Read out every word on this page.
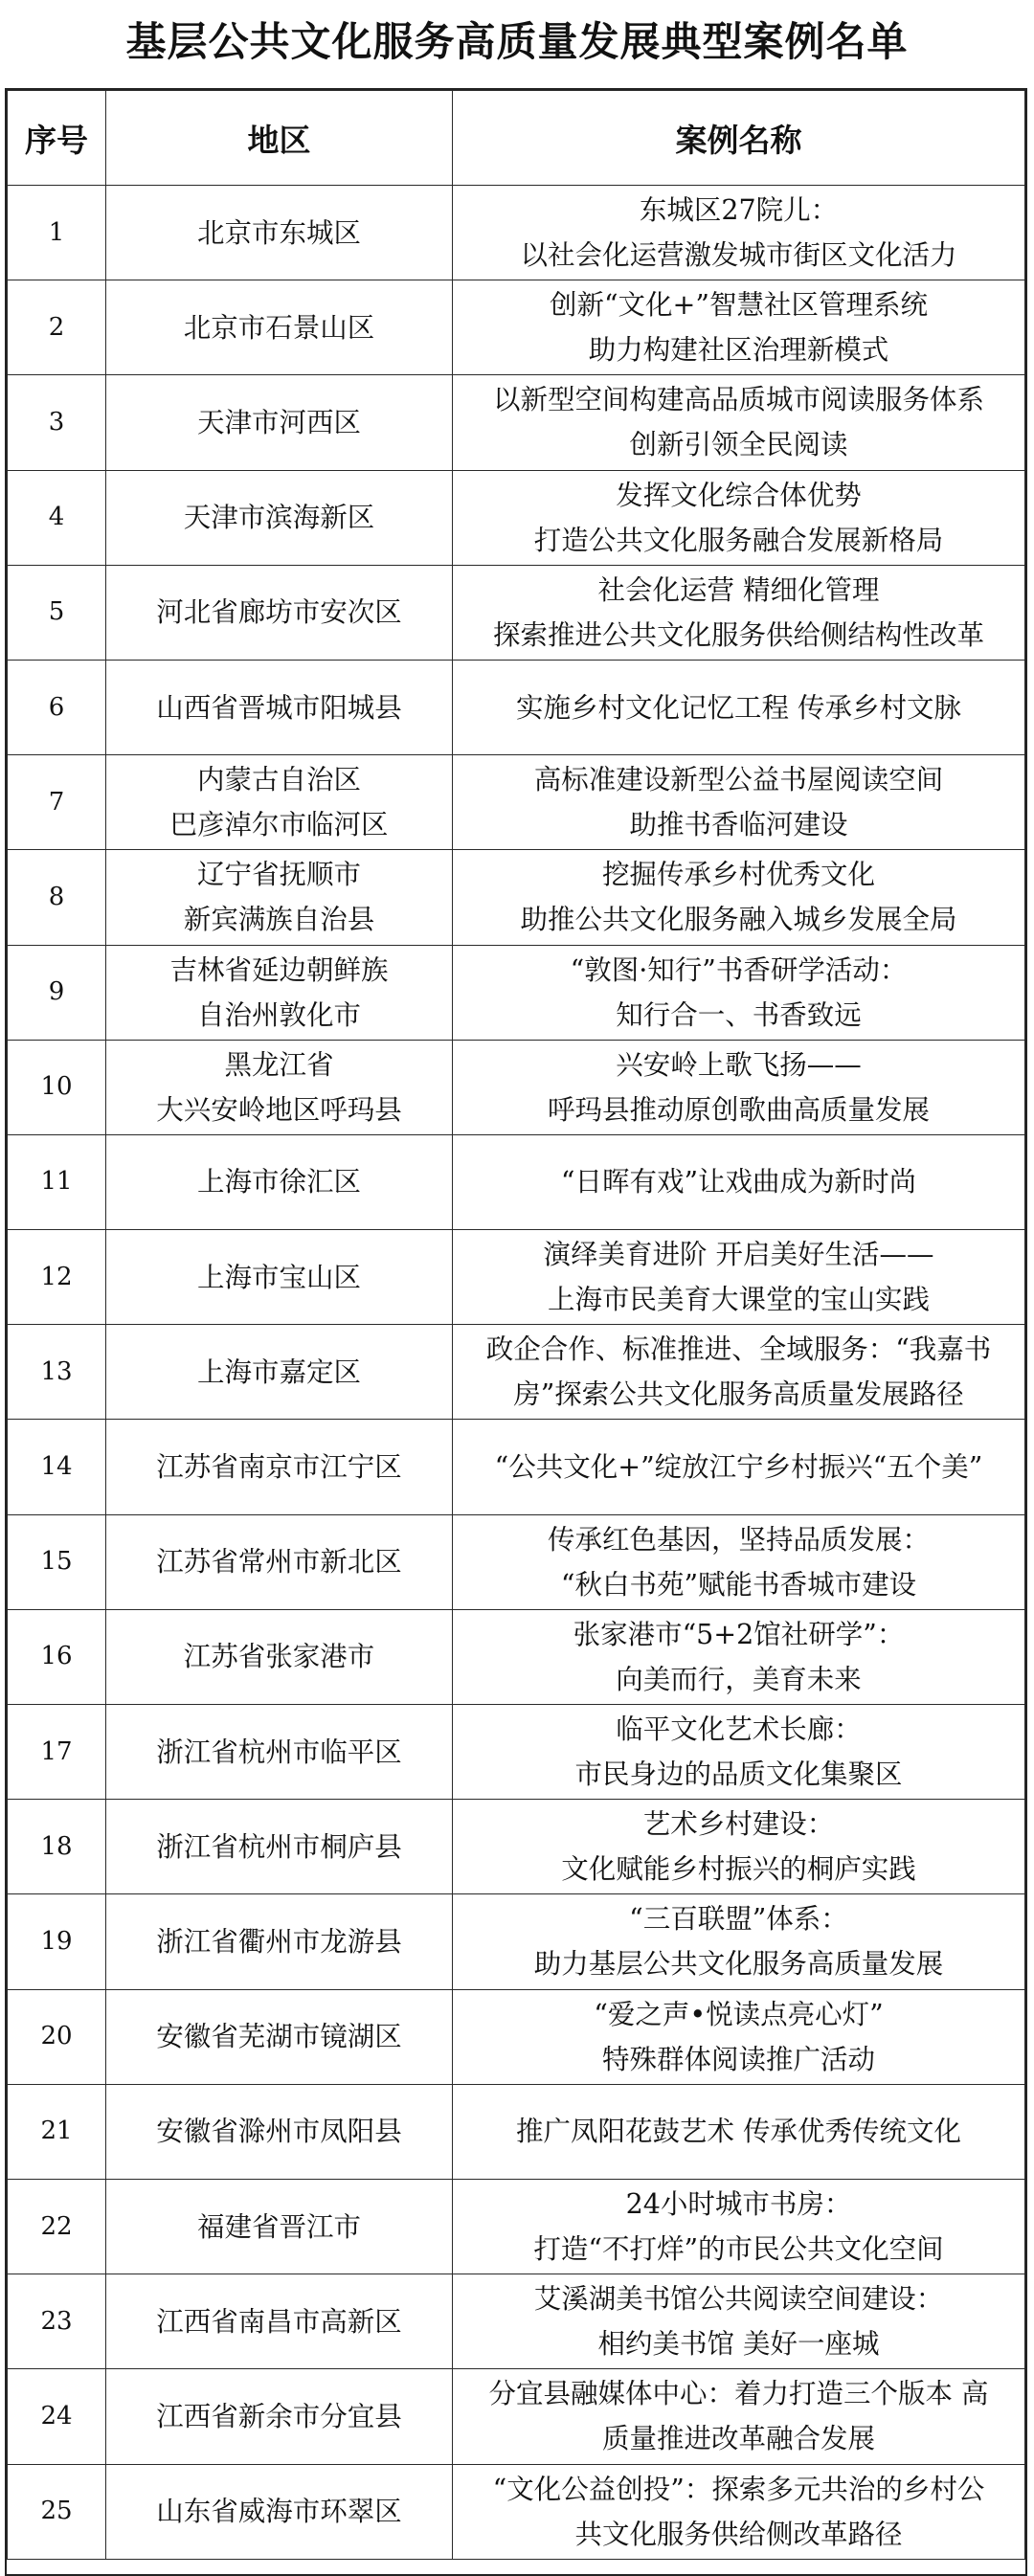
基层公共文化服务高质量发展典型案例名单
序号	地区	案例名称
1	北京市东城区	东城区27院儿：
以社会化运营激发城市街区文化活力

2	北京市石景山区	创新“文化+”智慧社区管理系统
助力构建社区治理新模式

3	天津市河西区	以新型空间构建高品质城市阅读服务体系
创新引领全民阅读

4	天津市滨海新区	发挥文化综合体优势
打造公共文化服务融合发展新格局

5	河北省廊坊市安次区	社会化运营 精细化管理
探索推进公共文化服务供给侧结构性改革

6	山西省晋城市阳城县	实施乡村文化记忆工程 传承乡村文脉

7	内蒙古自治区
巴彦淖尔市临河区	高标准建设新型公益书屋阅读空间
助推书香临河建设

8	辽宁省抚顺市
新宾满族自治县	挖掘传承乡村优秀文化
助推公共文化服务融入城乡发展全局

9	吉林省延边朝鲜族
自治州敦化市	“敦图·知行”书香研学活动：
知行合一、书香致远

10	黑龙江省
大兴安岭地区呼玛县	兴安岭上歌飞扬——
呼玛县推动原创歌曲高质量发展

11	上海市徐汇区	“日晖有戏”让戏曲成为新时尚

12	上海市宝山区	演绎美育进阶 开启美好生活——
上海市民美育大课堂的宝山实践

13	上海市嘉定区	政企合作、标准推进、全域服务：“我嘉书
房”探索公共文化服务高质量发展路径

14	江苏省南京市江宁区	“公共文化+”绽放江宁乡村振兴“五个美”

15	江苏省常州市新北区	传承红色基因，坚持品质发展：
“秋白书苑”赋能书香城市建设

16	江苏省张家港市	张家港市“5+2馆社研学”：
向美而行，美育未来

17	浙江省杭州市临平区	临平文化艺术长廊：
市民身边的品质文化集聚区

18	浙江省杭州市桐庐县	艺术乡村建设：
文化赋能乡村振兴的桐庐实践

19	浙江省衢州市龙游县	“三百联盟”体系：
助力基层公共文化服务高质量发展

20	安徽省芜湖市镜湖区	“爱之声•悦读点亮心灯”
特殊群体阅读推广活动

21	安徽省滁州市凤阳县	推广凤阳花鼓艺术 传承优秀传统文化

22	福建省晋江市	24小时城市书房：
打造“不打烊”的市民公共文化空间

23	江西省南昌市高新区	艾溪湖美书馆公共阅读空间建设：
相约美书馆 美好一座城

24	江西省新余市分宜县	分宜县融媒体中心：着力打造三个版本 高
质量推进改革融合发展

25	山东省威海市环翠区	“文化公益创投”：探索多元共治的乡村公
共文化服务供给侧改革路径
